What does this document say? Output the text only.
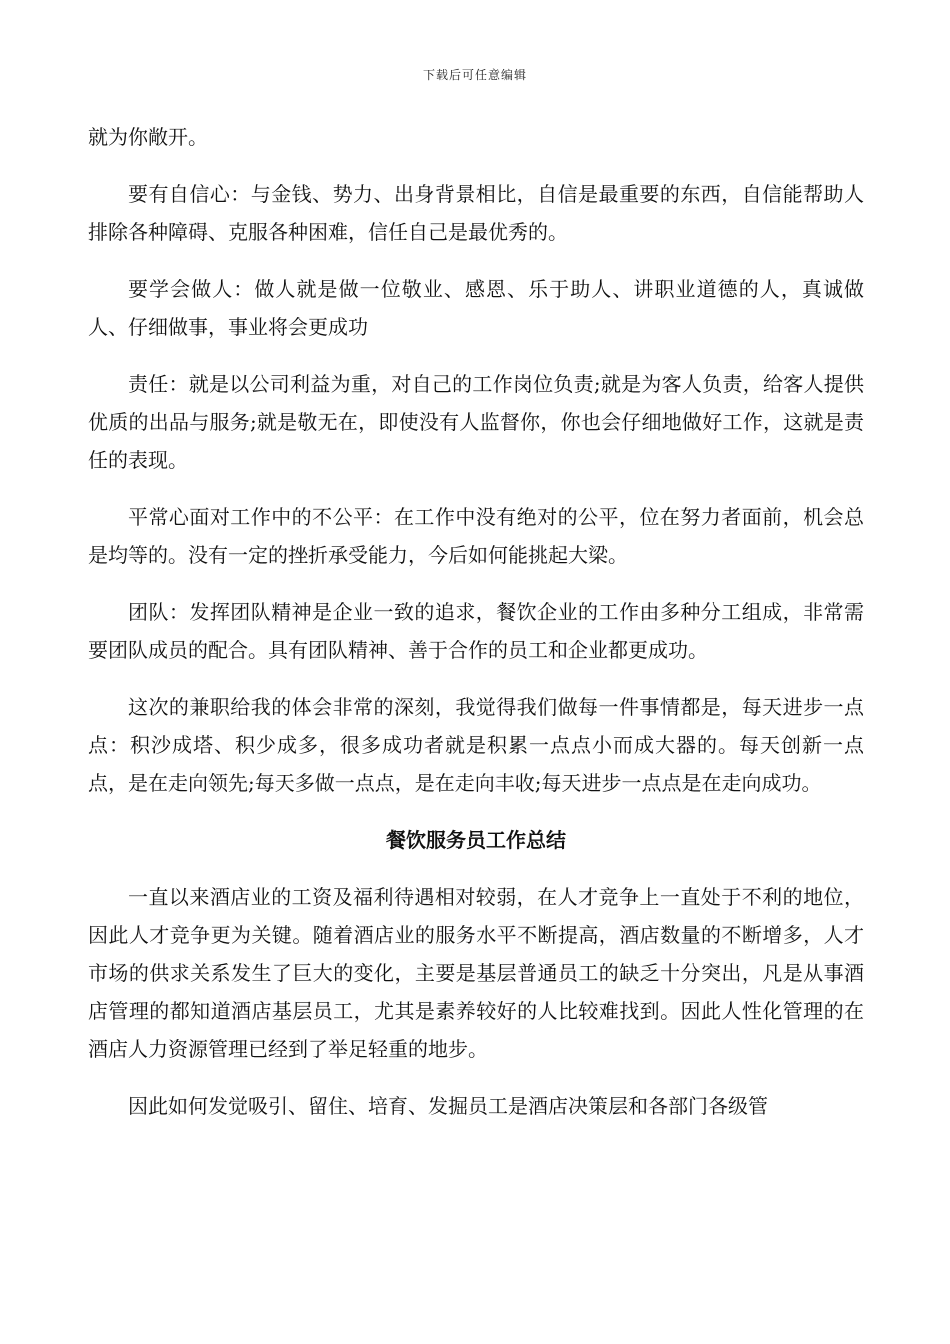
下载后可任意编辑

就为你敞开。

要有自信心：与金钱、势力、出身背景相比，自信是最重要的东西，自信能帮助人排除各种障碍、克服各种困难，信任自己是最优秀的。

要学会做人：做人就是做一位敬业、感恩、乐于助人、讲职业道德的人，真诚做人、仔细做事，事业将会更成功

责任：就是以公司利益为重，对自己的工作岗位负责;就是为客人负责，给客人提供优质的出品与服务;就是敬无在，即使没有人监督你，你也会仔细地做好工作，这就是责任的表现。

平常心面对工作中的不公平：在工作中没有绝对的公平，位在努力者面前，机会总是均等的。没有一定的挫折承受能力，今后如何能挑起大梁。

团队：发挥团队精神是企业一致的追求，餐饮企业的工作由多种分工组成，非常需要团队成员的配合。具有团队精神、善于合作的员工和企业都更成功。

这次的兼职给我的体会非常的深刻，我觉得我们做每一件事情都是，每天进步一点点：积沙成塔、积少成多，很多成功者就是积累一点点小而成大器的。每天创新一点点，是在走向领先;每天多做一点点，是在走向丰收;每天进步一点点是在走向成功。

餐饮服务员工作总结

一直以来酒店业的工资及福利待遇相对较弱，在人才竞争上一直处于不利的地位，因此人才竞争更为关键。随着酒店业的服务水平不断提高，酒店数量的不断增多，人才市场的供求关系发生了巨大的变化，主要是基层普通员工的缺乏十分突出，凡是从事酒店管理的都知道酒店基层员工，尤其是素养较好的人比较难找到。因此人性化管理的在酒店人力资源管理已经到了举足轻重的地步。

因此如何发觉吸引、留住、培育、发掘员工是酒店决策层和各部门各级管
